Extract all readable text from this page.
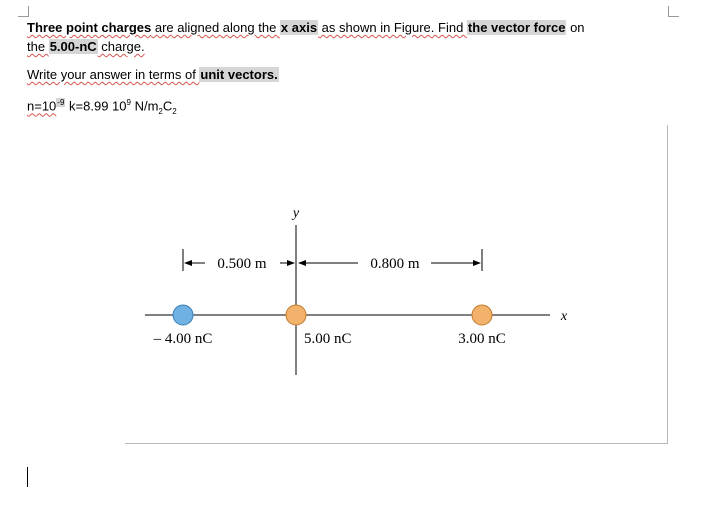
Three point charges are aligned along the x axis as shown in Figure. Find the vector force on
the 5.00-nC charge.
Write your answer in terms of unit vectors.
$n=10^{-9}$ k=8.99 $10^9$ $N/m_2C_2$
y
x
0.500 m	0.800 m
– 4.00 nC	5.00 nC	3.00 nC
